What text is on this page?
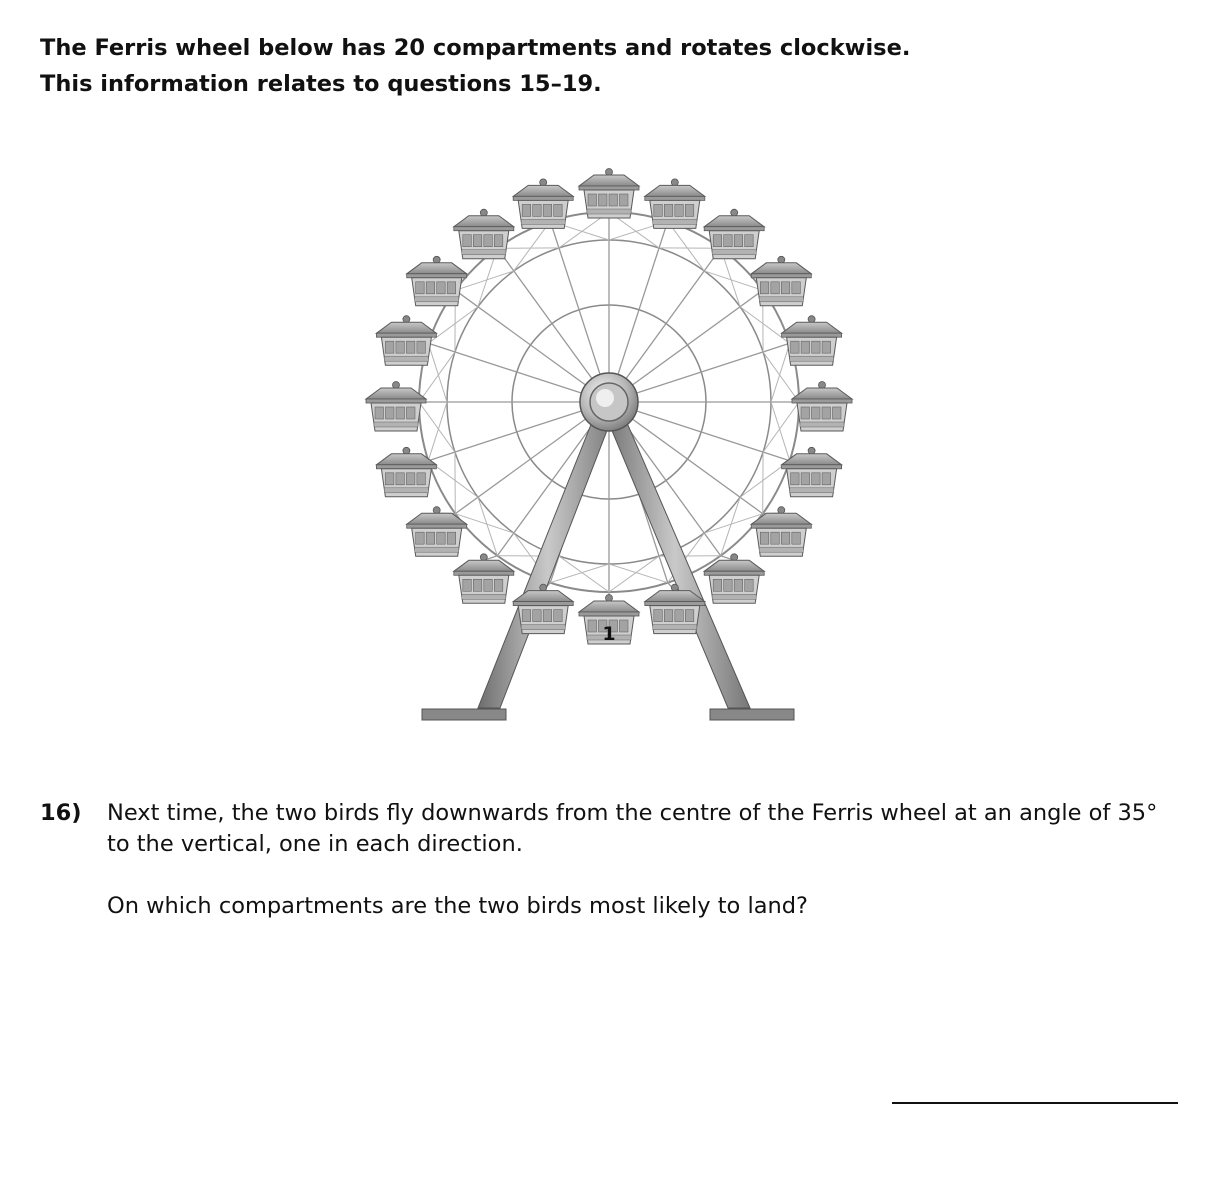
The Ferris wheel below has 20 compartments and rotates clockwise.
This information relates to questions 15–19.
1
16) Next time, the two birds fly downwards from the centre of the Ferris wheel at an angle of 35° to the vertical, one in each direction.
On which compartments are the two birds most likely to land?
